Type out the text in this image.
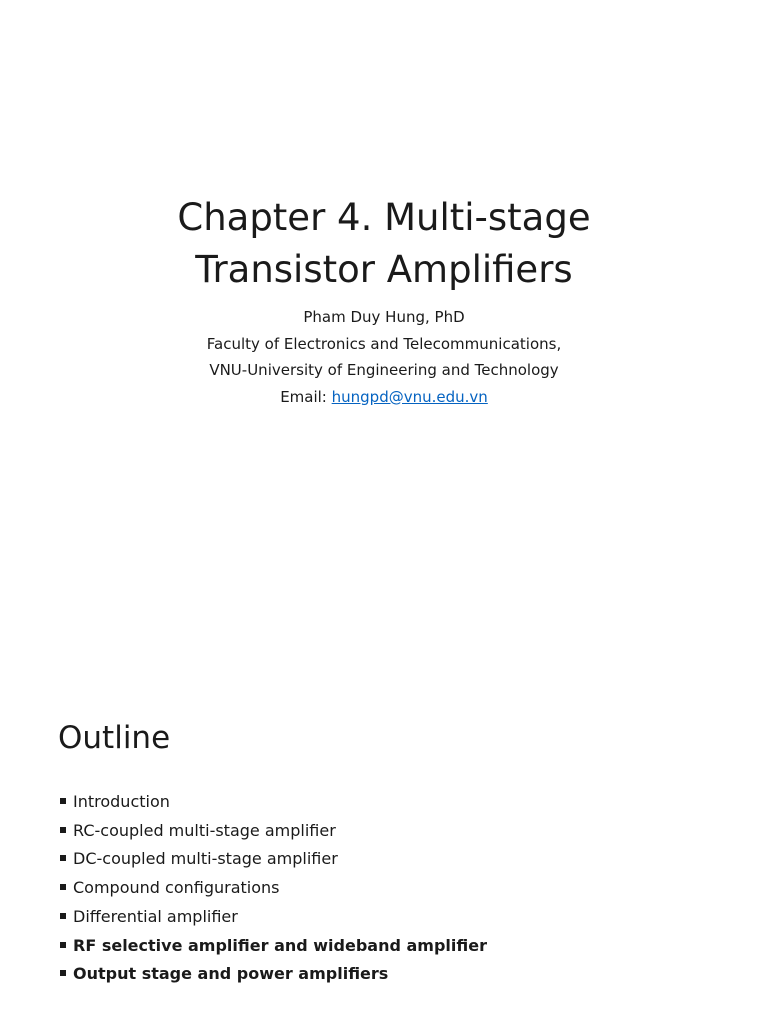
Chapter 4. Multi-stage
Transistor Amplifiers
Pham Duy Hung, PhD
Faculty of Electronics and Telecommunications,
VNU-University of Engineering and Technology
Email: hungpd@vnu.edu.vn
Outline
Introduction
RC-coupled multi-stage amplifier
DC-coupled multi-stage amplifier
Compound configurations
Differential amplifier
RF selective amplifier and wideband amplifier
Output stage and power amplifiers
